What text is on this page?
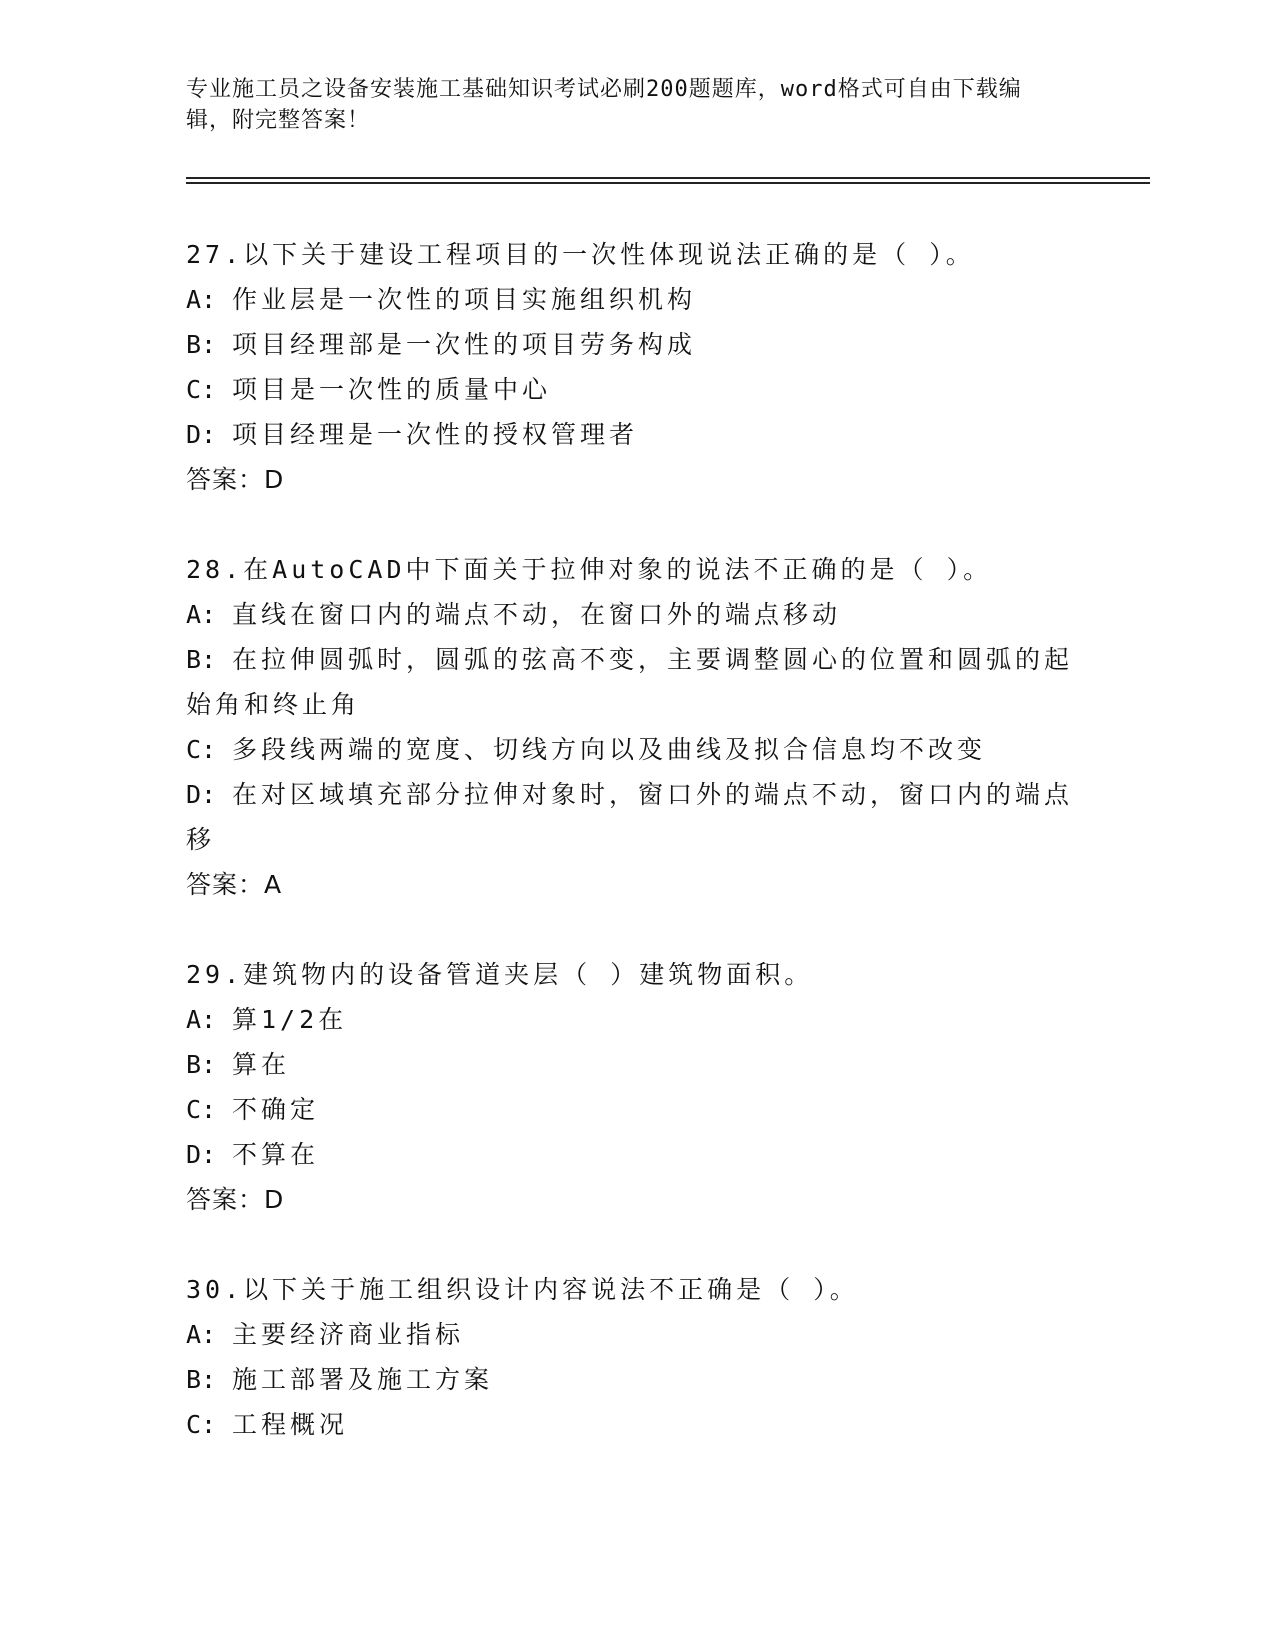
专业施工员之设备安装施工基础知识考试必刷200题题库，word格式可自由下载编辑，附完整答案！
27.以下关于建设工程项目的一次性体现说法正确的是（ ）。
A: 作业层是一次性的项目实施组织机构
B: 项目经理部是一次性的项目劳务构成
C: 项目是一次性的质量中心
D: 项目经理是一次性的授权管理者
答案：D
28.在AutoCAD中下面关于拉伸对象的说法不正确的是（ ）。
A: 直线在窗口内的端点不动，在窗口外的端点移动
B: 在拉伸圆弧时，圆弧的弦高不变，主要调整圆心的位置和圆弧的起始角和终止角
C: 多段线两端的宽度、切线方向以及曲线及拟合信息均不改变
D: 在对区域填充部分拉伸对象时，窗口外的端点不动，窗口内的端点移
答案：A
29.建筑物内的设备管道夹层（ ）建筑物面积。
A: 算1/2在
B: 算在
C: 不确定
D: 不算在
答案：D
30.以下关于施工组织设计内容说法不正确是（ ）。
A: 主要经济商业指标
B: 施工部署及施工方案
C: 工程概况
